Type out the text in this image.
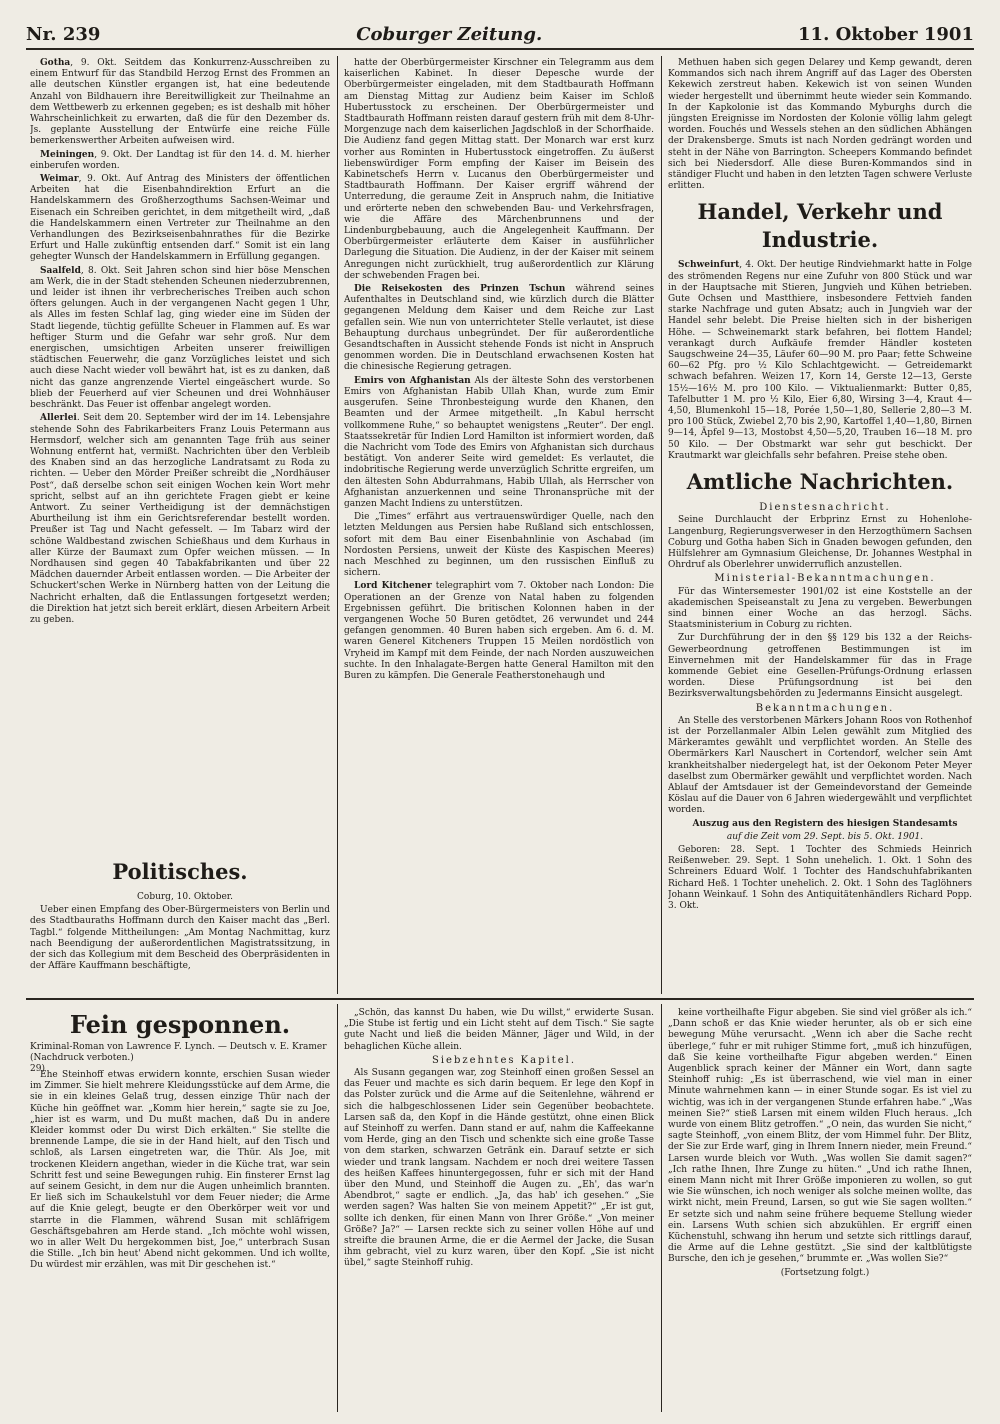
Nr. 239	Coburger Zeitung.	11. Oktober 1901

Gotha, 9. Okt. Seitdem das Konkurrenz-Ausschreiben zu einem Entwurf für das Standbild Herzog Ernst des Frommen an alle deutschen Künstler ergangen ist, hat eine bedeutende Anzahl von Bildhauern ihre Bereitwilligkeit zur Theilnahme an dem Wettbewerb zu erkennen gegeben; es ist deshalb mit höher Wahrscheinlichkeit zu erwarten, daß die für den Dezember ds. Js. geplante Ausstellung der Entwürfe eine reiche Fülle bemerkenswerther Arbeiten aufweisen wird.

Meiningen, 9. Okt. Der Landtag ist für den 14. d. M. hierher einberufen worden.

Weimar, 9. Okt. Auf Antrag des Ministers der öffentlichen Arbeiten hat die Eisenbahndirektion Erfurt an die Handelskammern des Großherzogthums Sachsen-Weimar und Eisenach ein Schreiben gerichtet, in dem mitgetheilt wird, „daß die Handelskammern einen Vertreter zur Theilnahme an den Verhandlungen des Bezirkseisenbahnrathes für die Bezirke Erfurt und Halle zukünftig entsenden darf.“ Somit ist ein lang gehegter Wunsch der Handelskammern in Erfüllung gegangen.

Saalfeld, 8. Okt. Seit Jahren schon sind hier böse Menschen am Werk, die in der Stadt stehenden Scheunen niederzubrennen, und leider ist ihnen ihr verbrecherisches Treiben auch schon öfters gelungen. Auch in der vergangenen Nacht gegen 1 Uhr, als Alles im festen Schlaf lag, ging wieder eine im Süden der Stadt liegende, tüchtig gefüllte Scheuer in Flammen auf. Es war heftiger Sturm und die Gefahr war sehr groß. Nur dem energischen, umsichtigen Arbeiten unserer freiwilligen städtischen Feuerwehr, die ganz Vorzügliches leistet und sich auch diese Nacht wieder voll bewährt hat, ist es zu danken, daß nicht das ganze angrenzende Viertel eingeäschert wurde. So blieb der Feuerherd auf vier Scheunen und drei Wohnhäuser beschränkt. Das Feuer ist offenbar angelegt worden.

Allerlei. Seit dem 20. September wird der im 14. Lebensjahre stehende Sohn des Fabrikarbeiters Franz Louis Petermann aus Hermsdorf, welcher sich am genannten Tage früh aus seiner Wohnung entfernt hat, vermißt. Nachrichten über den Verbleib des Knaben sind an das herzogliche Landratsamt zu Roda zu richten. — Ueber den Mörder Preißer schreibt die „Nordhäuser Post“, daß derselbe schon seit einigen Wochen kein Wort mehr spricht, selbst auf an ihn gerichtete Fragen giebt er keine Antwort. Zu seiner Vertheidigung ist der demnächstigen Aburtheilung ist ihm ein Gerichtsreferendar bestellt worden. Preußer ist Tag und Nacht gefesselt. — Im Tabarz wird der schöne Waldbestand zwischen Schießhaus und dem Kurhaus in aller Kürze der Baumaxt zum Opfer weichen müssen. — In Nordhausen sind gegen 40 Tabakfabrikanten und über 22 Mädchen dauernder Arbeit entlassen worden. — Die Arbeiter der Schuckert'schen Werke in Nürnberg hatten von der Leitung die Nachricht erhalten, daß die Entlassungen fortgesetzt werden; die Direktion hat jetzt sich bereit erklärt, diesen Arbeitern Arbeit zu geben.

Politisches.

Coburg, 10. Oktober.

Ueber einen Empfang des Ober-Bürgermeisters von Berlin und des Stadtbauraths Hoffmann durch den Kaiser macht das „Berl. Tagbl.“ folgende Mittheilungen: „Am Montag Nachmittag, kurz nach Beendigung der außerordentlichen Magistratssitzung, in der sich das Kollegium mit dem Bescheid des Oberpräsidenten in der Affäre Kauffmann beschäftigte,

hatte der Oberbürgermeister Kirschner ein Telegramm aus dem kaiserlichen Kabinet. In dieser Depesche wurde der Oberbürgermeister eingeladen, mit dem Stadtbaurath Hoffmann am Dienstag Mittag zur Audienz beim Kaiser im Schloß Hubertusstock zu erscheinen. Der Oberbürgermeister und Stadtbaurath Hoffmann reisten darauf gestern früh mit dem 8-Uhr-Morgenzuge nach dem kaiserlichen Jagdschloß in der Schorfhaide. Die Audienz fand gegen Mittag statt. Der Monarch war erst kurz vorher aus Rominten in Hubertusstock eingetroffen. Zu äußerst liebenswürdiger Form empfing der Kaiser im Beisein des Kabinetschefs Herrn v. Lucanus den Oberbürgermeister und Stadtbaurath Hoffmann. Der Kaiser ergriff während der Unterredung, die geraume Zeit in Anspruch nahm, die Initiative und erörterte neben den schwebenden Bau- und Verkehrsfragen, wie die Affäre des Märchenbrunnens und der Lindenburgbebauung, auch die Angelegenheit Kauffmann. Der Oberbürgermeister erläuterte dem Kaiser in ausführlicher Darlegung die Situation. Die Audienz, in der der Kaiser mit seinem Anregungen nicht zurückhielt, trug außerordentlich zur Klärung der schwebenden Fragen bei.

Die Reisekosten des Prinzen Tschun während seines Aufenthaltes in Deutschland sind, wie kürzlich durch die Blätter gegangenen Meldung dem Kaiser und dem Reiche zur Last gefallen sein. Wie nun von unterrichteter Stelle verlautet, ist diese Behauptung durchaus unbegründet. Der für außerordentliche Gesandtschaften in Aussicht stehende Fonds ist nicht in Anspruch genommen worden. Die in Deutschland erwachsenen Kosten hat die chinesische Regierung getragen.

Emirs von Afghanistan Als der älteste Sohn des verstorbenen Emirs von Afghanistan Habib Ullah Khan, wurde zum Emir ausgerufen. Seine Thronbesteigung wurde den Khanen, den Beamten und der Armee mitgetheilt. „In Kabul herrscht vollkommene Ruhe,“ so behauptet wenigstens „Reuter“. Der engl. Staatssekretär für Indien Lord Hamilton ist informiert worden, daß die Nachricht vom Tode des Emirs von Afghanistan sich durchaus bestätigt. Von anderer Seite wird gemeldet: Es verlautet, die indobritische Regierung werde unverzüglich Schritte ergreifen, um den ältesten Sohn Abdurrahmans, Habib Ullah, als Herrscher von Afghanistan anzuerkennen und seine Thronansprüche mit der ganzen Macht Indiens zu unterstützen.

Die „Times“ erfährt aus vertrauenswürdiger Quelle, nach den letzten Meldungen aus Persien habe Rußland sich entschlossen, sofort mit dem Bau einer Eisenbahnlinie von Aschabad (im Nordosten Persiens, unweit der Küste des Kaspischen Meeres) nach Meschhed zu beginnen, um den russischen Einfluß zu sichern.

Lord Kitchener telegraphirt vom 7. Oktober nach London: Die Operationen an der Grenze von Natal haben zu folgenden Ergebnissen geführt. Die britischen Kolonnen haben in der vergangenen Woche 50 Buren getödtet, 26 verwundet und 244 gefangen genommen. 40 Buren haben sich ergeben. Am 6. d. M. waren Generel Kitcheners Truppen 15 Meilen nordöstlich von Vryheid im Kampf mit dem Feinde, der nach Norden auszuweichen suchte. In den Inhalagate-Bergen hatte General Hamilton mit den Buren zu kämpfen. Die Generale Featherstonehaugh und

Methuen haben sich gegen Delarey und Kemp gewandt, deren Kommandos sich nach ihrem Angriff auf das Lager des Obersten Kekewich zerstreut haben. Kekewich ist von seinen Wunden wieder hergestellt und übernimmt heute wieder sein Kommando. In der Kapkolonie ist das Kommando Myburghs durch die jüngsten Ereignisse im Nordosten der Kolonie völlig lahm gelegt worden. Fouchés und Wessels stehen an den südlichen Abhängen der Drakensberge. Smuts ist nach Norden gedrängt worden und steht in der Nähe von Barrington. Scheepers Kommando befindet sich bei Niedersdorf. Alle diese Buren-Kommandos sind in ständiger Flucht und haben in den letzten Tagen schwere Verluste erlitten.

Handel, Verkehr und Industrie.

Schweinfurt, 4. Okt. Der heutige Rindviehmarkt hatte in Folge des strömenden Regens nur eine Zufuhr von 800 Stück und war in der Hauptsache mit Stieren, Jungvieh und Kühen betrieben. Gute Ochsen und Mastthiere, insbesondere Fettvieh fanden starke Nachfrage und guten Absatz; auch in Jungvieh war der Handel sehr belebt. Die Preise hielten sich in der bisherigen Höhe. — Schweinemarkt stark befahren, bei flottem Handel; verankagt durch Aufkäufe fremder Händler kosteten Saugschweine 24—35, Läufer 60—90 M. pro Paar; fette Schweine 60—62 Pfg. pro ½ Kilo Schlachtgewicht. — Getreidemarkt schwach befahren. Weizen 17, Korn 14, Gerste 12—13, Gerste 15½—16½ M. pro 100 Kilo. — Viktualienmarkt: Butter 0,85, Tafelbutter 1 M. pro ½ Kilo, Eier 6,80, Wirsing 3—4, Kraut 4—4,50, Blumenkohl 15—18, Porée 1,50—1,80, Sellerie 2,80—3 M. pro 100 Stück, Zwiebel 2,70 bis 2,90, Kartoffel 1,40—1,80, Birnen 9—14, Äpfel 9—13, Mostobst 4,50—5,20, Trauben 16—18 M. pro 50 Kilo. — Der Obstmarkt war sehr gut beschickt. Der Krautmarkt war gleichfalls sehr befahren. Preise stehe oben.

Amtliche Nachrichten.

Dienstesnachricht.

Seine Durchlaucht der Erbprinz Ernst zu Hohenlohe-Langenburg, Regierungsverweser in den Herzogthümern Sachsen Coburg und Gotha haben Sich in Gnaden bewogen gefunden, den Hülfslehrer am Gymnasium Gleichense, Dr. Johannes Westphal in Ohrdruf als Oberlehrer unwiderruflich anzustellen.

Ministerial-Bekanntmachungen.

Für das Wintersemester 1901/02 ist eine Koststelle an der akademischen Speiseanstalt zu Jena zu vergeben. Bewerbungen sind binnen einer Woche an das herzogl. Sächs. Staatsministerium in Coburg zu richten.

Zur Durchführung der in den §§ 129 bis 132 a der Reichs-Gewerbeordnung getroffenen Bestimmungen ist im Einvernehmen mit der Handelskammer für das in Frage kommende Gebiet eine Gesellen-Prüfungs-Ordnung erlassen worden. Diese Prüfungsordnung ist bei den Bezirksverwaltungsbehörden zu Jedermanns Einsicht ausgelegt.

Bekanntmachungen.

An Stelle des verstorbenen Märkers Johann Roos von Rothenhof ist der Porzellanmaler Albin Lelen gewählt zum Mitglied des Märkeramtes gewählt und verpflichtet worden. An Stelle des Obermärkers Karl Nauschert in Cortendorf, welcher sein Amt krankheitshalber niedergelegt hat, ist der Oekonom Peter Meyer daselbst zum Obermärker gewählt und verpflichtet worden. Nach Ablauf der Amtsdauer ist der Gemeindevorstand der Gemeinde Köslau auf die Dauer von 6 Jahren wiedergewählt und verpflichtet worden.

Auszug aus den Registern des hiesigen Standesamts

auf die Zeit vom 29. Sept. bis 5. Okt. 1901.

Geboren: 28. Sept. 1 Tochter des Schmieds Heinrich Reißenweber. 29. Sept. 1 Sohn unehelich. 1. Okt. 1 Sohn des Schreiners Eduard Wolf. 1 Tochter des Handschuhfabrikanten Richard Heß. 1 Tochter unehelich. 2. Okt. 1 Sohn des Taglöhners Johann Weinkauf. 1 Sohn des Antiquitätenhändlers Richard Popp. 3. Okt.

Fein gesponnen.
Kriminal-Roman von Lawrence F. Lynch. — Deutsch v. E. Kramer (Nachdruck verboten.)
29)

Ehe Steinhoff etwas erwidern konnte, erschien Susan wieder im Zimmer. Sie hielt mehrere Kleidungsstücke auf dem Arme, die sie in ein kleines Gelaß trug, dessen einzige Thür nach der Küche hin geöffnet war. „Komm hier herein,“ sagte sie zu Joe, „hier ist es warm, und Du mußt machen, daß Du in andere Kleider kommst oder Du wirst Dich erkälten.“ Sie stellte die brennende Lampe, die sie in der Hand hielt, auf den Tisch und schloß, als Larsen eingetreten war, die Thür. Als Joe, mit trockenen Kleidern angethan, wieder in die Küche trat, war sein Schritt fest und seine Bewegungen ruhig. Ein finsterer Ernst lag auf seinem Gesicht, in dem nur die Augen unheimlich brannten. Er ließ sich im Schaukelstuhl vor dem Feuer nieder; die Arme auf die Knie gelegt, beugte er den Oberkörper weit vor und starrte in die Flammen, während Susan mit schläfrigem Geschäftsgebahren am Herde stand. „Ich möchte wohl wissen, wo in aller Welt Du hergekommen bist, Joe,“ unterbrach Susan die Stille. „Ich bin heut' Abend nicht gekommen. Und ich wollte, Du würdest mir erzählen, was mit Dir geschehen ist.“

„Schön, das kannst Du haben, wie Du willst,“ erwiderte Susan. „Die Stube ist fertig und ein Licht steht auf dem Tisch.“ Sie sagte gute Nacht und ließ die beiden Männer, Jäger und Wild, in der behaglichen Küche allein.

Siebzehntes Kapitel.

Als Susann gegangen war, zog Steinhoff einen großen Sessel an das Feuer und machte es sich darin bequem. Er lege den Kopf in das Polster zurück und die Arme auf die Seitenlehne, während er sich die halbgeschlossenen Lider sein Gegenüber beobachtete. Larsen saß da, den Kopf in die Hände gestützt, ohne einen Blick auf Steinhoff zu werfen. Dann stand er auf, nahm die Kaffeekanne vom Herde, ging an den Tisch und schenkte sich eine große Tasse von dem starken, schwarzen Getränk ein. Darauf setzte er sich wieder und trank langsam. Nachdem er noch drei weitere Tassen des heißen Kaffees hinuntergegossen, fuhr er sich mit der Hand über den Mund, und Steinhoff die Augen zu. „Eh', das war'n Abendbrot,“ sagte er endlich. „Ja, das hab' ich gesehen.“ „Sie werden sagen? Was halten Sie von meinem Appetit?“ „Er ist gut, sollte ich denken, für einen Mann von Ihrer Größe.“ „Von meiner Größe? Ja?“ — Larsen reckte sich zu seiner vollen Höhe auf und streifte die braunen Arme, die er die Aermel der Jacke, die Susan ihm gebracht, viel zu kurz waren, über den Kopf. „Sie ist nicht übel,“ sagte Steinhoff ruhig.

keine vortheilhafte Figur abgeben. Sie sind viel größer als ich.“ „Dann schoß er das Knie wieder herunter, als ob er sich eine bewegung Mühe verursacht. „Wenn ich aber die Sache recht überlege,“ fuhr er mit ruhiger Stimme fort, „muß ich hinzufügen, daß Sie keine vortheilhafte Figur abgeben werden.“ Einen Augenblick sprach keiner der Männer ein Wort, dann sagte Steinhoff ruhig: „Es ist überraschend, wie viel man in einer Minute wahrnehmen kann — in einer Stunde sogar. Es ist viel zu wichtig, was ich in der vergangenen Stunde erfahren habe.“ „Was meinen Sie?“ stieß Larsen mit einem wilden Fluch heraus. „Ich wurde von einem Blitz getroffen.“ „O nein, das wurden Sie nicht,“ sagte Steinhoff, „von einem Blitz, der vom Himmel fuhr. Der Blitz, der Sie zur Erde warf, ging in Ihrem Innern nieder, mein Freund.“ Larsen wurde bleich vor Wuth. „Was wollen Sie damit sagen?“ „Ich rathe Ihnen, Ihre Zunge zu hüten.“ „Und ich rathe Ihnen, einem Mann nicht mit Ihrer Größe imponieren zu wollen, so gut wie Sie wünschen, ich noch weniger als solche meinen wollte, das wirkt nicht, mein Freund, Larsen, so gut wie Sie sagen wollten.“ Er setzte sich und nahm seine frühere bequeme Stellung wieder ein. Larsens Wuth schien sich abzukühlen. Er ergriff einen Küchenstuhl, schwang ihn herum und setzte sich rittlings darauf, die Arme auf die Lehne gestützt. „Sie sind der kaltblütigste Bursche, den ich je gesehen,“ brummte er. „Was wollen Sie?“

(Fortsetzung folgt.)
